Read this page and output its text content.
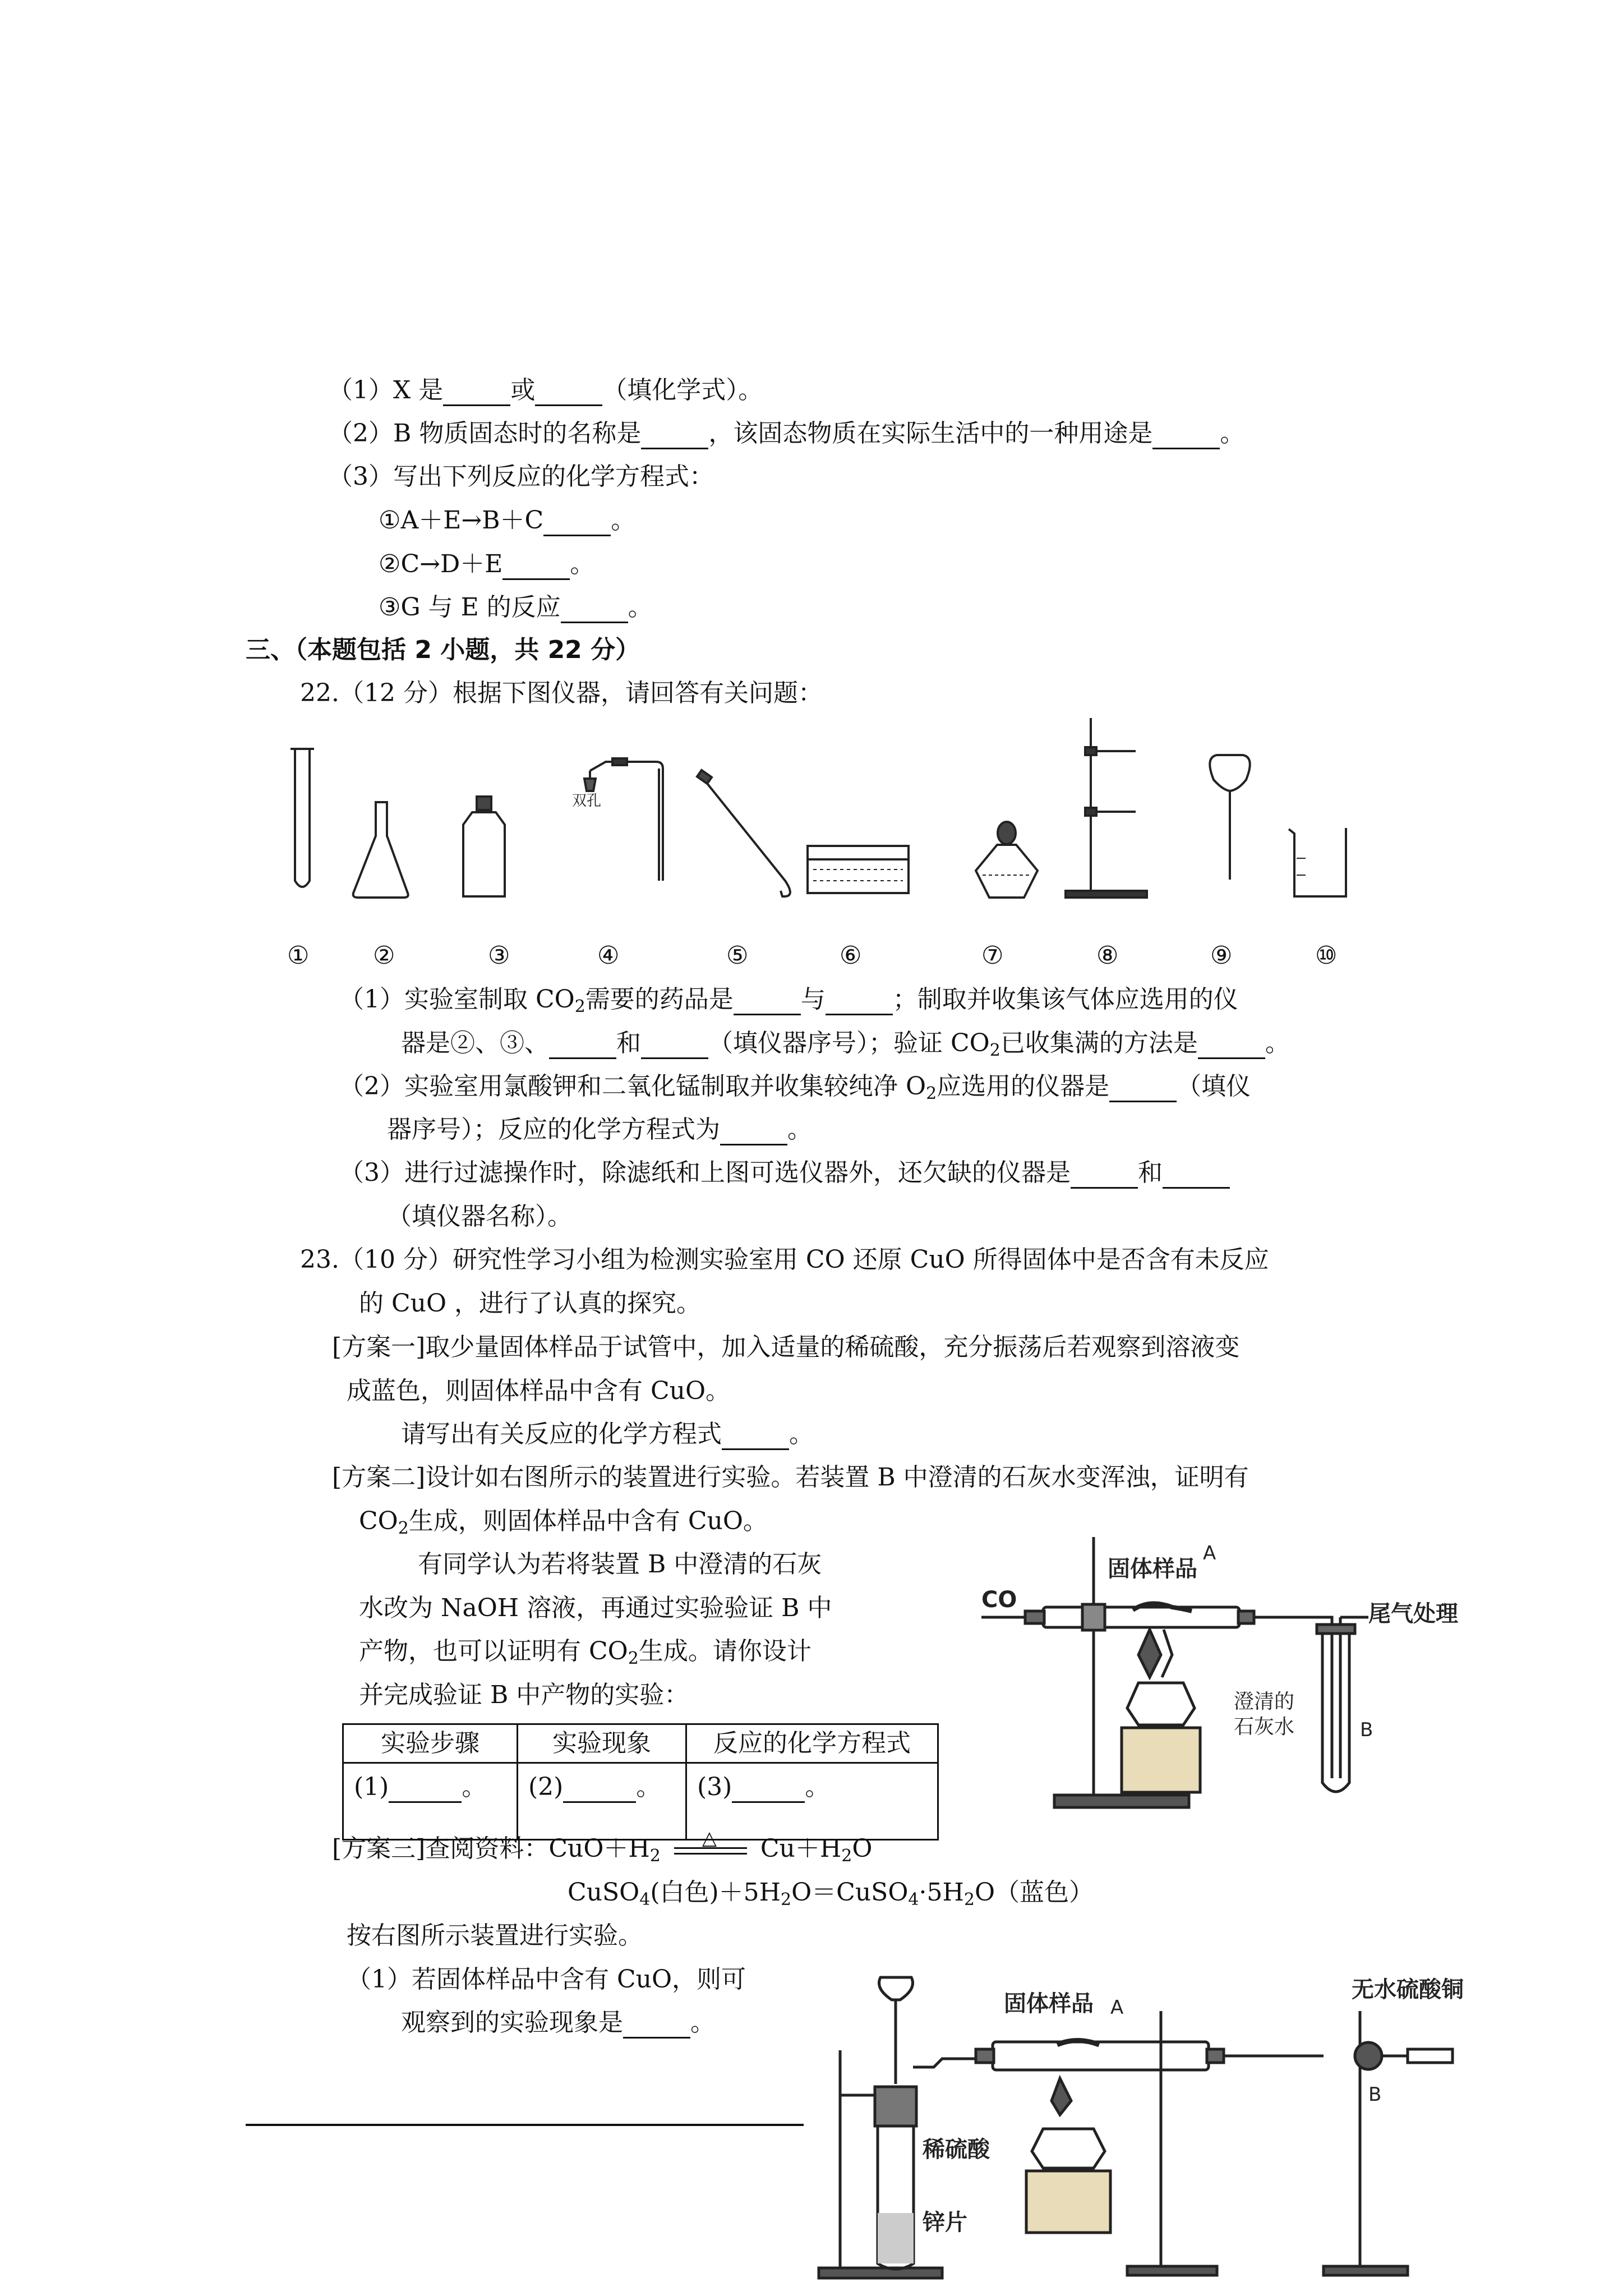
（1）X 是	或	（填化学式）。
（2）B 物质固态时的名称是	，该固态物质在实际生活中的一种用途是	。
（3）写出下列反应的化学方程式：
①A＋E→B＋C	。
②C→D＋E	。
③G 与 E 的反应	。
三、（本题包括 2 小题，共 22 分）
22.（12 分）根据下图仪器，请回答有关问题：
双孔
①	②	③	④	⑤	⑥	⑦	⑧	⑨	⑩
（1）实验室制取 $CO_2$需要的药品是	与	；制取并收集该气体应选用的仪
器是②、③、	和	（填仪器序号）；验证 $CO_2$已收集满的方法是	。
（2）实验室用氯酸钾和二氧化锰制取并收集较纯净 $O_2$应选用的仪器是	（填仪
器序号）；反应的化学方程式为	。
（3）进行过滤操作时，除滤纸和上图可选仪器外，还欠缺的仪器是	和
（填仪器名称）。
23.（10 分）研究性学习小组为检测实验室用 CO 还原 CuO 所得固体中是否含有未反应
的 CuO ，进行了认真的探究。
[方案一]取少量固体样品于试管中，加入适量的稀硫酸，充分振荡后若观察到溶液变
成蓝色，则固体样品中含有 CuO。
请写出有关反应的化学方程式	。
[方案二]设计如右图所示的装置进行实验。若装置 B 中澄清的石灰水变浑浊，证明有
$CO_2$生成，则固体样品中含有 CuO。
有同学认为若将装置 B 中澄清的石灰
水改为 NaOH 溶液，再通过实验验证 B 中
产物，也可以证明有 $CO_2$生成。请你设计
并完成验证 B 中产物的实验：
实验步骤	实验现象	反应的化学方程式
(1) 。	(2) 。	(3) 。
[方案三]查阅资料：$CuO+H_2$
△ $Cu+H_2O$
CuSO$_4$(白色)$+5H_2O=CuSO_4\cdot 5H_2O$（蓝色）
按右图所示装置进行实验。
（1）若固体样品中含有 CuO，则可
观察到的实验现象是	。
CO
固体样品
A
尾气处理
澄清的
石灰水	B
固体样品 A
无水硫酸铜
B
稀硫酸
锌片
